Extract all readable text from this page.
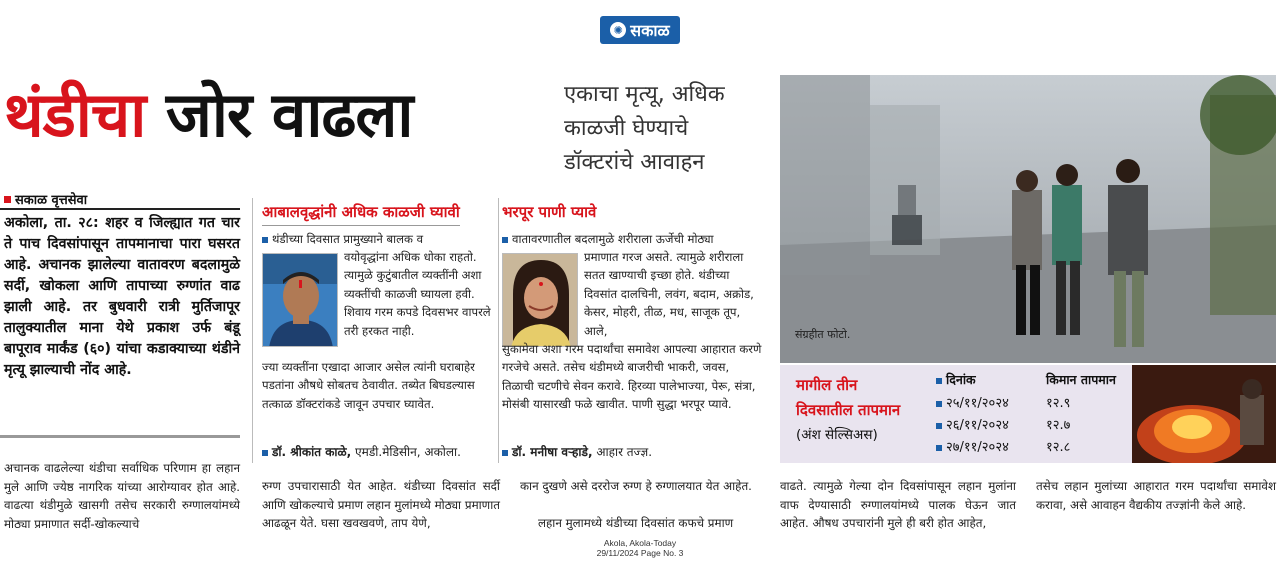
✺ सकाळ
थंडीचा जोर वाढला	एकाचा मृत्यू, अधिक काळजी घेण्याचे डॉक्टरांचे आवाहन
सकाळ वृत्तसेवा
अकोला, ता. २८: शहर व जिल्ह्यात गत चार ते पाच दिवसांपासून तापमानाचा पारा घसरत आहे. अचानक झालेल्या वातावरण बदलामुळे सर्दी, खोकला आणि तापाच्या रुग्णांत वाढ झाली आहे. तर बुधवारी रात्री मुर्तिजापूर तालुक्यातील माना येथे प्रकाश उर्फ बंडू बापूराव मार्कंड (६०) यांचा कडाक्याच्या थंडीने मृत्यू झाल्याची नोंद आहे.
अचानक वाढलेल्या थंडीचा सर्वाधिक परिणाम हा लहान मुले आणि ज्येष्ठ नागरिक यांच्या आरोग्यावर होत आहे. वाढत्या थंडीमुळे खासगी तसेच सरकारी रुग्णालयांमध्ये मोठ्या प्रमाणात सर्दी-खोकल्याचे
रुग्ण उपचारासाठी येत आहेत. थंडीच्या दिवसांत सर्दी आणि खोकल्याचे प्रमाण लहान मुलांमध्ये मोठ्या प्रमाणात आढळून येते. घसा खवखवणे, ताप येणे,
कान दुखणे असे दररोज रुग्ण हे रुग्णालयात येत आहेत.
लहान मुलामध्ये थंडीच्या दिवसांत कफचे प्रमाण
वाढते. त्यामुळे गेल्या दोन दिवसांपासून लहान मुलांना वाफ देण्यासाठी रुग्णालयांमध्ये पालक घेऊन जात आहेत. औषध उपचारांनी मुले ही बरी होत आहेत,
तसेच लहान मुलांच्या आहारात गरम पदार्थांचा समावेश करावा, असे आवाहन वैद्यकीय तज्ज्ञांनी केले आहे.
आबालवृद्धांनी अधिक काळजी घ्यावी
थंडीच्या दिवसात प्रामुख्याने बालक व
वयोवृद्धांना अधिक धोका राहतो. त्यामुळे कुटुंबातील व्यक्तींनी अशा व्यक्तींची काळजी घ्यायला हवी. शिवाय गरम कपडे दिवसभर वापरले तरी हरकत नाही.
ज्या व्यक्तींना एखादा आजार असेल त्यांनी घराबाहेर पडतांना औषधे सोबतच ठेवावीत. तब्येत बिघडल्यास तत्काळ डॉक्टरांकडे जावून उपचार घ्यावेत.
डॉ. श्रीकांत काळे, एमडी.मेडिसीन, अकोला.
भरपूर पाणी प्यावे
वातावरणातील बदलामुळे शरीराला ऊर्जेची मोठ्या
प्रमाणात गरज असते. त्यामुळे शरीराला सतत खाण्याची इच्छा होते. थंडीच्या दिवसांत दालचिनी, लवंग, बदाम, अक्रोड, केसर, मोहरी, तीळ, मध, साजूक तूप, आले,
सुकामेवा अशा गरम पदार्थांचा समावेश आपल्या आहारात करणे गरजेचे असते. तसेच थंडीमध्ये बाजरीची भाकरी, जवस, तिळाची चटणीचे सेवन करावे. हिरव्या पालेभाज्या, पेरू, संत्रा, मोसंबी यासारखी फळे खावीत. पाणी सुद्धा भरपूर प्यावे.
डॉ. मनीषा वऱ्हाडे, आहार तज्ज्ञ.
संग्रहीत फोटो.
मागील तीन
दिवसातील तापमान
(अंश सेल्सिअस)
दिनांक	किमान तापमान
२५/११/२०२४	१२.९
२६/११/२०२४	१२.७
२७/११/२०२४	१२.८
Akola, Akola-Today
29/11/2024 Page No. 3
